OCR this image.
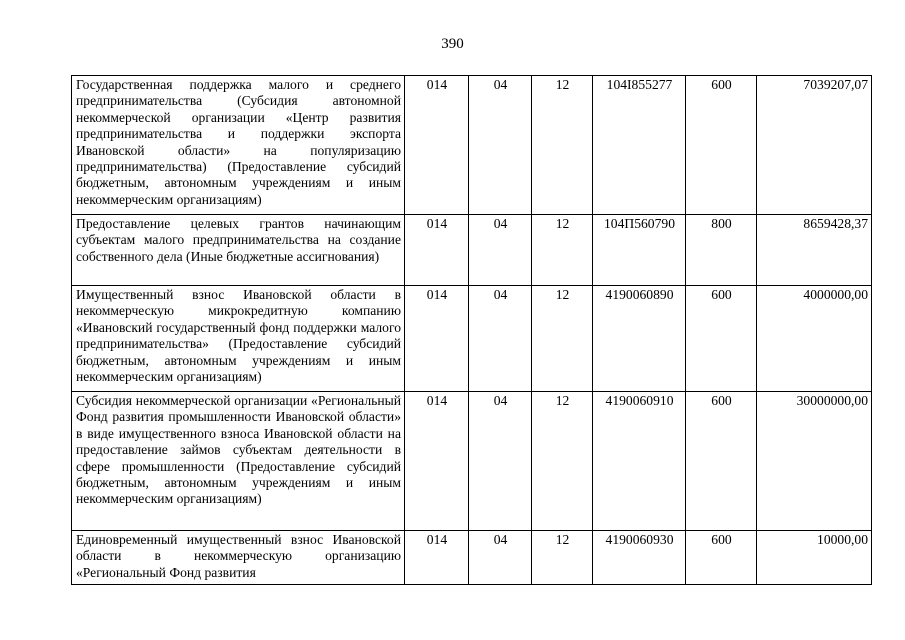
390
Государственная поддержка малого и среднего предпринимательства (Субсидия автономной некоммерческой организации «Центр развития предпринимательства и поддержки экспорта Ивановской области» на популяризацию предпринимательства) (Предоставление субсидий бюджетным, автономным учреждениям и иным некоммерческим организациям)	014	04	12	104I855277	600	7039207,07
Предоставление целевых грантов начинающим субъектам малого предпринимательства на создание собственного дела (Иные бюджетные ассигнования)	014	04	12	104П560790	800	8659428,37
Имущественный взнос Ивановской области в некоммерческую микрокредитную компанию «Ивановский государственный фонд поддержки малого предпринимательства» (Предоставление субсидий бюджетным, автономным учреждениям и иным некоммерческим организациям)	014	04	12	4190060890	600	4000000,00
Субсидия некоммерческой организации «Региональный Фонд развития промышленности Ивановской области» в виде имущественного взноса Ивановской области на предоставление займов субъектам деятельности в сфере промышленности (Предоставление субсидий бюджетным, автономным учреждениям и иным некоммерческим организациям)	014	04	12	4190060910	600	30000000,00
Единовременный имущественный взнос Ивановской области в некоммерческую организацию «Региональный Фонд развития	014	04	12	4190060930	600	10000,00
